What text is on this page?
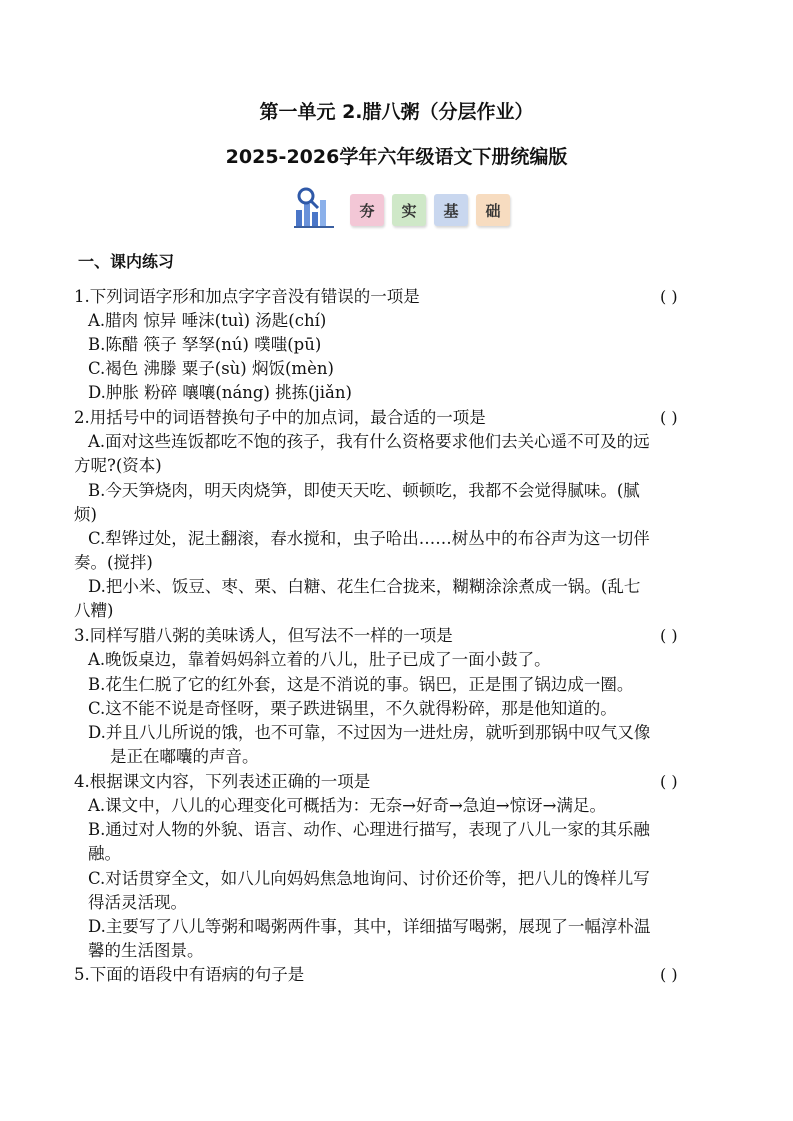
第一单元 2.腊八粥（分层作业）
2025-2026学年六年级语文下册统编版
夯	实	基	础
一、课内练习
1.下列词语字形和加点字字音没有错误的一项是	( )
A.腊肉 惊异 唾沫(tuì) 汤匙(chí)
B.陈醋 筷子 孥孥(nú) 噗嗤(pū)
C.褐色 沸滕 粟子(sù) 焖饭(mèn)
D.肿胀 粉碎 嚷嚷(náng) 挑拣(jiǎn)
2.用括号中的词语替换句子中的加点词，最合适的一项是	( )
A.面对这些连饭都吃不饱的孩子，我有什么资格要求他们去关心遥不可及的远
方呢?(资本)
B.今天笋烧肉，明天肉烧笋，即使天天吃、顿顿吃，我都不会觉得腻味。(腻
烦)
C.犁铧过处，泥土翻滚，春水搅和，虫子哈出……树丛中的布谷声为这一切伴
奏。(搅拌)
D.把小米、饭豆、枣、栗、白糖、花生仁合拢来，糊糊涂涂煮成一锅。(乱七
八糟)
3.同样写腊八粥的美味诱人，但写法不一样的一项是	( )
A.晚饭桌边，靠着妈妈斜立着的八儿，肚子已成了一面小鼓了。
B.花生仁脱了它的红外套，这是不消说的事。锅巴，正是围了锅边成一圈。
C.这不能不说是奇怪呀，栗子跌进锅里，不久就得粉碎，那是他知道的。
D.并且八儿所说的饿，也不可靠，不过因为一进灶房，就听到那锅中叹气又像
是正在嘟囔的声音。
4.根据课文内容，下列表述正确的一项是	( )
A.课文中，八儿的心理变化可概括为：无奈→好奇→急迫→惊讶→满足。
B.通过对人物的外貌、语言、动作、心理进行描写，表现了八儿一家的其乐融
融。
C.对话贯穿全文，如八儿向妈妈焦急地询问、讨价还价等，把八儿的馋样儿写
得活灵活现。
D.主要写了八儿等粥和喝粥两件事，其中，详细描写喝粥，展现了一幅淳朴温
馨的生活图景。
5.下面的语段中有语病的句子是	( )
